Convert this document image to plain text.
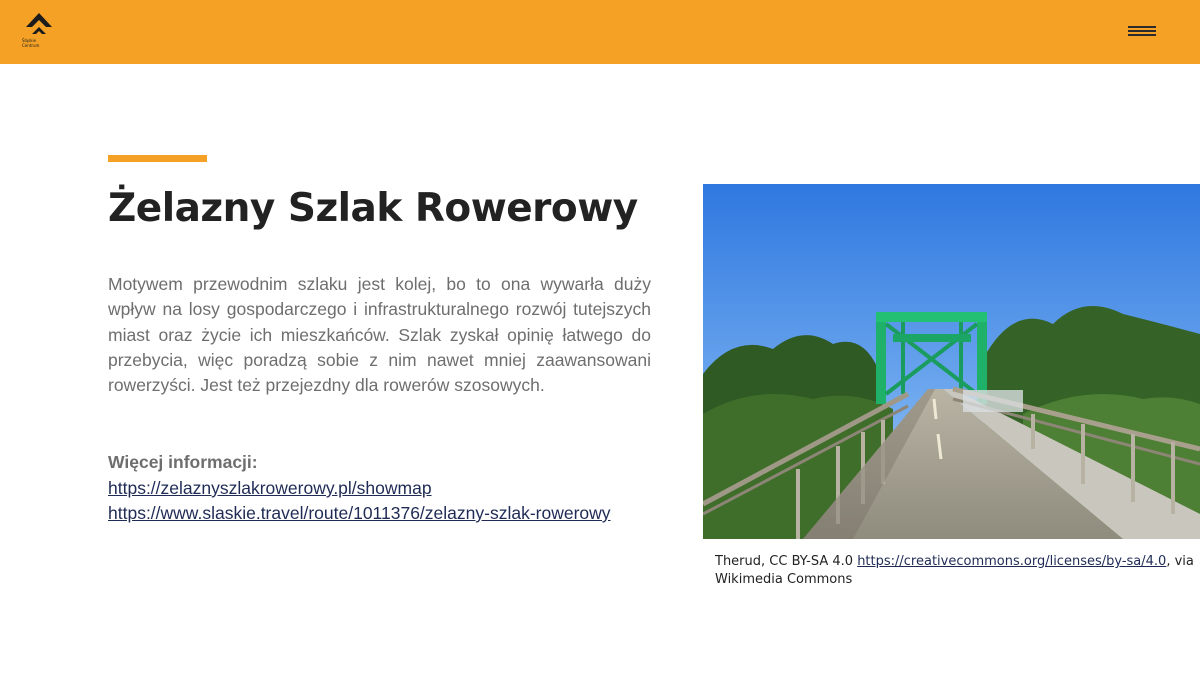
Śląskie
Centrum
Żelazny Szlak Rowerowy

Motywem przewodnim szlaku jest kolej, bo to ona wywarła duży wpływ na losy gospodarczego i infrastrukturalnego rozwój tutejszych miast oraz życie ich mieszkańców. Szlak zyskał opinię łatwego do przebycia, więc poradzą sobie z nim nawet mniej zaawansowani rowerzyści. Jest też przejezdny dla rowerów szosowych.

Więcej informacji:

https://zelaznyszlakrowerowy.pl/showmap
https://www.slaskie.travel/route/1011376/zelazny-szlak-rowerowy

Therud, CC BY-SA 4.0 https://creativecommons.org/licenses/by-sa/4.0, via Wikimedia Commons
